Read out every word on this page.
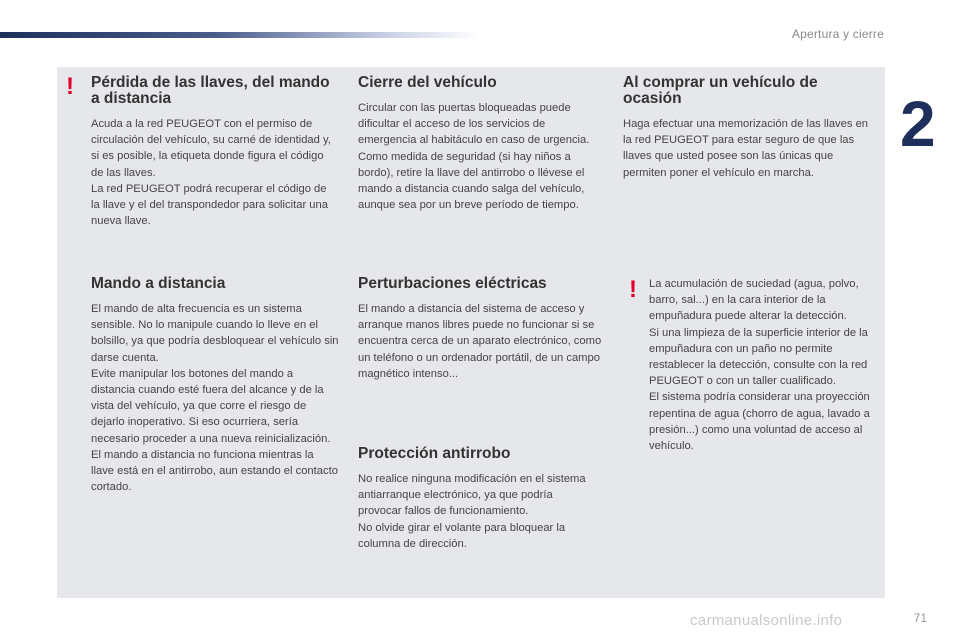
Apertura y cierre
2
! Pérdida de las llaves, del mando a distancia

Acuda a la red PEUGEOT con el permiso de circulación del vehículo, su carné de identidad y, si es posible, la etiqueta donde figura el código de las llaves.
La red PEUGEOT podrá recuperar el código de la llave y el del transpondedor para solicitar una nueva llave.

Mando a distancia

El mando de alta frecuencia es un sistema sensible. No lo manipule cuando lo lleve en el bolsillo, ya que podría desbloquear el vehículo sin darse cuenta.
Evite manipular los botones del mando a distancia cuando esté fuera del alcance y de la vista del vehículo, ya que corre el riesgo de dejarlo inoperativo. Si eso ocurriera, sería necesario proceder a una nueva reinicialización.
El mando a distancia no funciona mientras la llave está en el antirrobo, aun estando el contacto cortado.

Cierre del vehículo

Circular con las puertas bloqueadas puede dificultar el acceso de los servicios de emergencia al habitáculo en caso de urgencia.
Como medida de seguridad (si hay niños a bordo), retire la llave del antirrobo o llévese el mando a distancia cuando salga del vehículo, aunque sea por un breve período de tiempo.

Perturbaciones eléctricas

El mando a distancia del sistema de acceso y arranque manos libres puede no funcionar si se encuentra cerca de un aparato electrónico, como un teléfono o un ordenador portátil, de un campo magnético intenso...

Protección antirrobo

No realice ninguna modificación en el sistema antiarranque electrónico, ya que podría provocar fallos de funcionamiento.
No olvide girar el volante para bloquear la columna de dirección.

Al comprar un vehículo de ocasión

Haga efectuar una memorización de las llaves en la red PEUGEOT para estar seguro de que las llaves que usted posee son las únicas que permiten poner el vehículo en marcha.

! La acumulación de suciedad (agua, polvo, barro, sal...) en la cara interior de la empuñadura puede alterar la detección.
Si una limpieza de la superficie interior de la empuñadura con un paño no permite restablecer la detección, consulte con la red PEUGEOT o con un taller cualificado.
El sistema podría considerar una proyección repentina de agua (chorro de agua, lavado a presión...) como una voluntad de acceso al vehículo.

71
carmanualsonline.info
